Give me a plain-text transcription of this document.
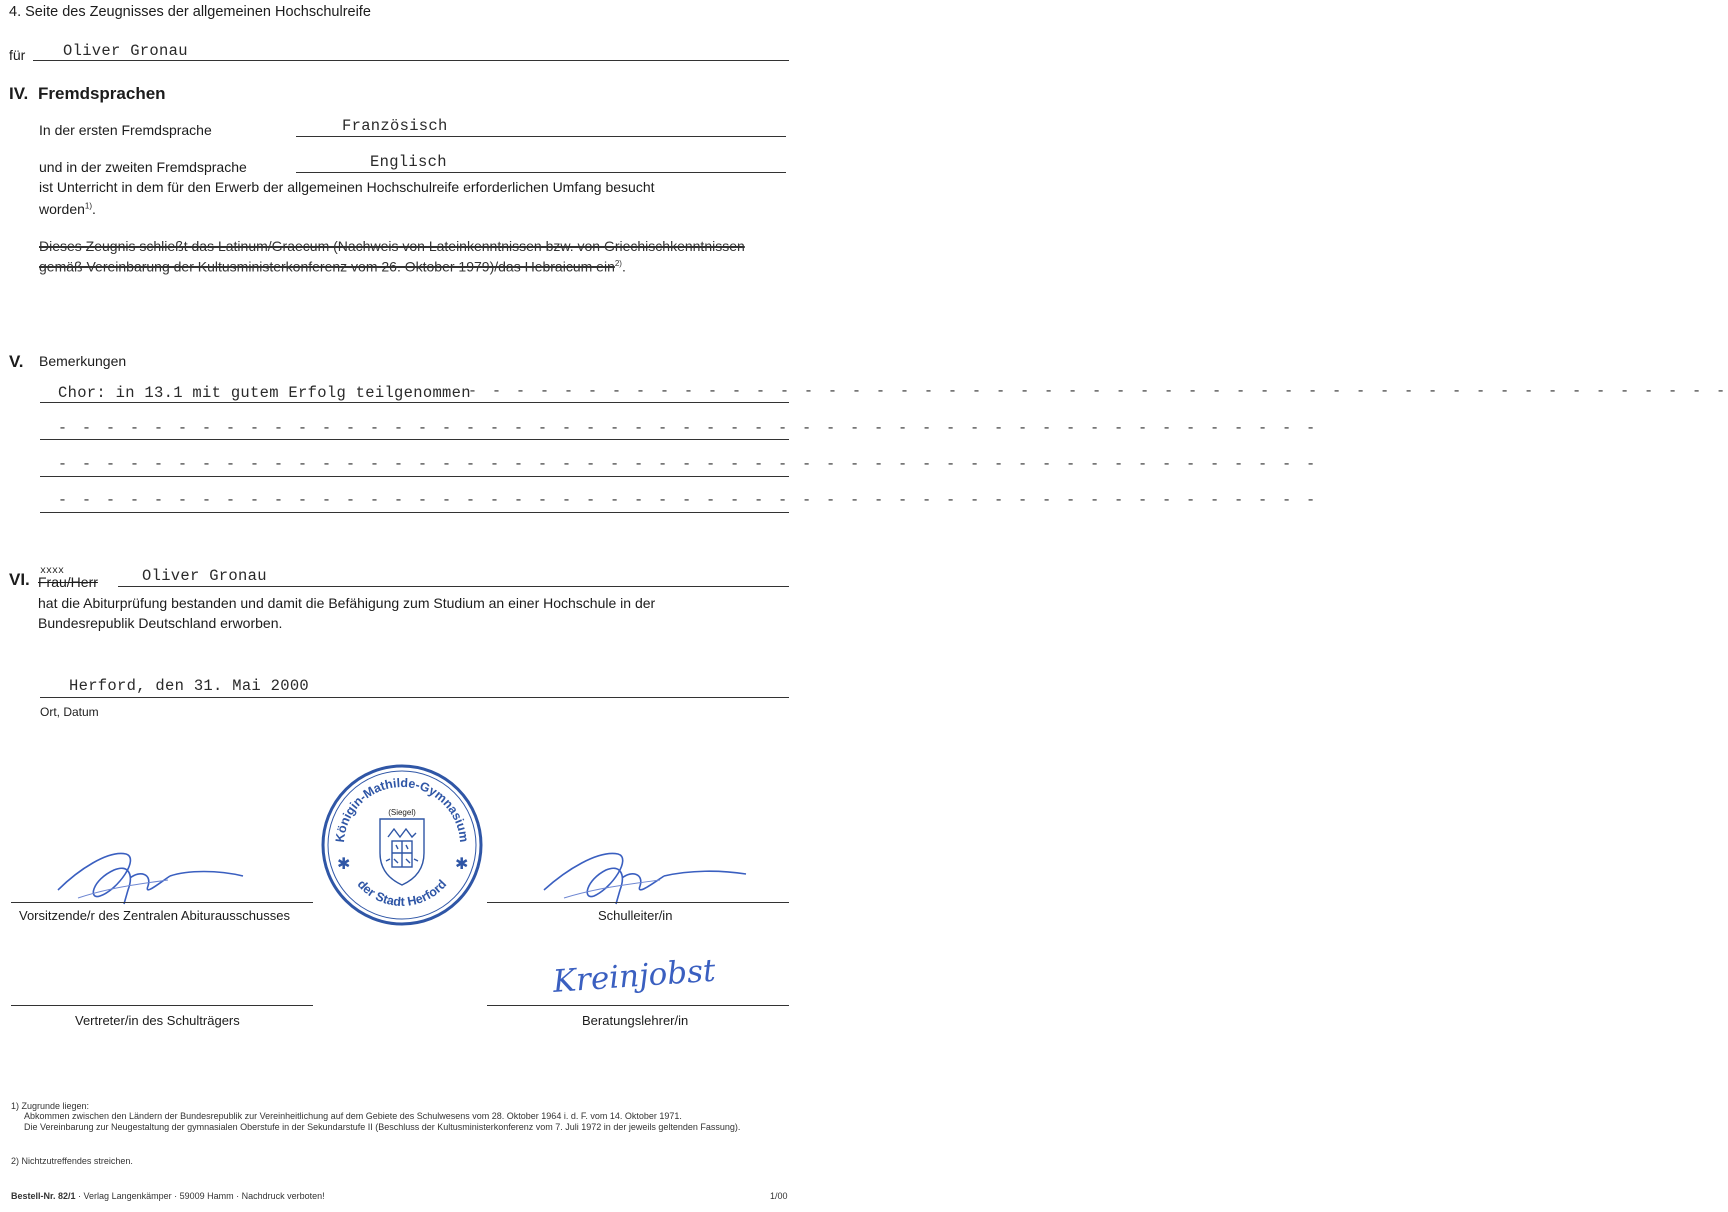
4. Seite des Zeugnisses der allgemeinen Hochschulreife
für Oliver Gronau
IV. Fremdsprachen
In der ersten Fremdsprache	Französisch
und in der zweiten Fremdsprache	Englisch
ist Unterricht in dem für den Erwerb der allgemeinen Hochschulreife erforderlichen Umfang besucht
worden$^{1)}$.
Dieses Zeugnis schließt das Latinum/Graecum (Nachweis von Lateinkenntnissen bzw. von Griechischkenntnissen gemäß Vereinbarung der Kultusministerkonferenz vom 26. Oktober 1979)/das Hebraicum ein$^{2)}$.
V. Bemerkungen
Chor: in 13.1 mit gutem Erfolg teilgenommen
- - - - - - - - - - - - - - - - - - - - - - - - - - - - - - - - - - - - - - - - - - - - - - - - - - - - -
- - - - - - - - - - - - - - - - - - - - - - - - - - - - - - - - - - - - - - - - - - - - - - - - - - - - -
- - - - - - - - - - - - - - - - - - - - - - - - - - - - - - - - - - - - - - - - - - - - - - - - - - - - -
- - - - - - - - - - - - - - - - - - - - - - - - - - - - - - - - - - - - - - - - - - - - - - - - - - - - -
VI. xxxx
Frau/Herr	Oliver Gronau
hat die Abiturprüfung bestanden und damit die Befähigung zum Studium an einer Hochschule in der
Bundesrepublik Deutschland erworben.
Herford, den 31. Mai 2000
Ort, Datum
Königin-Mathilde-Gymnasium
der Stadt Herford
✱	✱
(Siegel)
Vorsitzende/r des Zentralen Abiturausschusses	Schulleiter/in
Vertreter/in des Schulträgers
Kreinjobst
Beratungslehrer/in
1) Zugrunde liegen:
Abkommen zwischen den Ländern der Bundesrepublik zur Vereinheitlichung auf dem Gebiete des Schulwesens vom 28. Oktober 1964 i. d. F. vom 14. Oktober 1971.
Die Vereinbarung zur Neugestaltung der gymnasialen Oberstufe in der Sekundarstufe II (Beschluss der Kultusministerkonferenz vom 7. Juli 1972 in der jeweils geltenden Fassung).
2) Nichtzutreffendes streichen.
Bestell-Nr. 82/1 · Verlag Langenkämper · 59009 Hamm · Nachdruck verboten!	1/00
